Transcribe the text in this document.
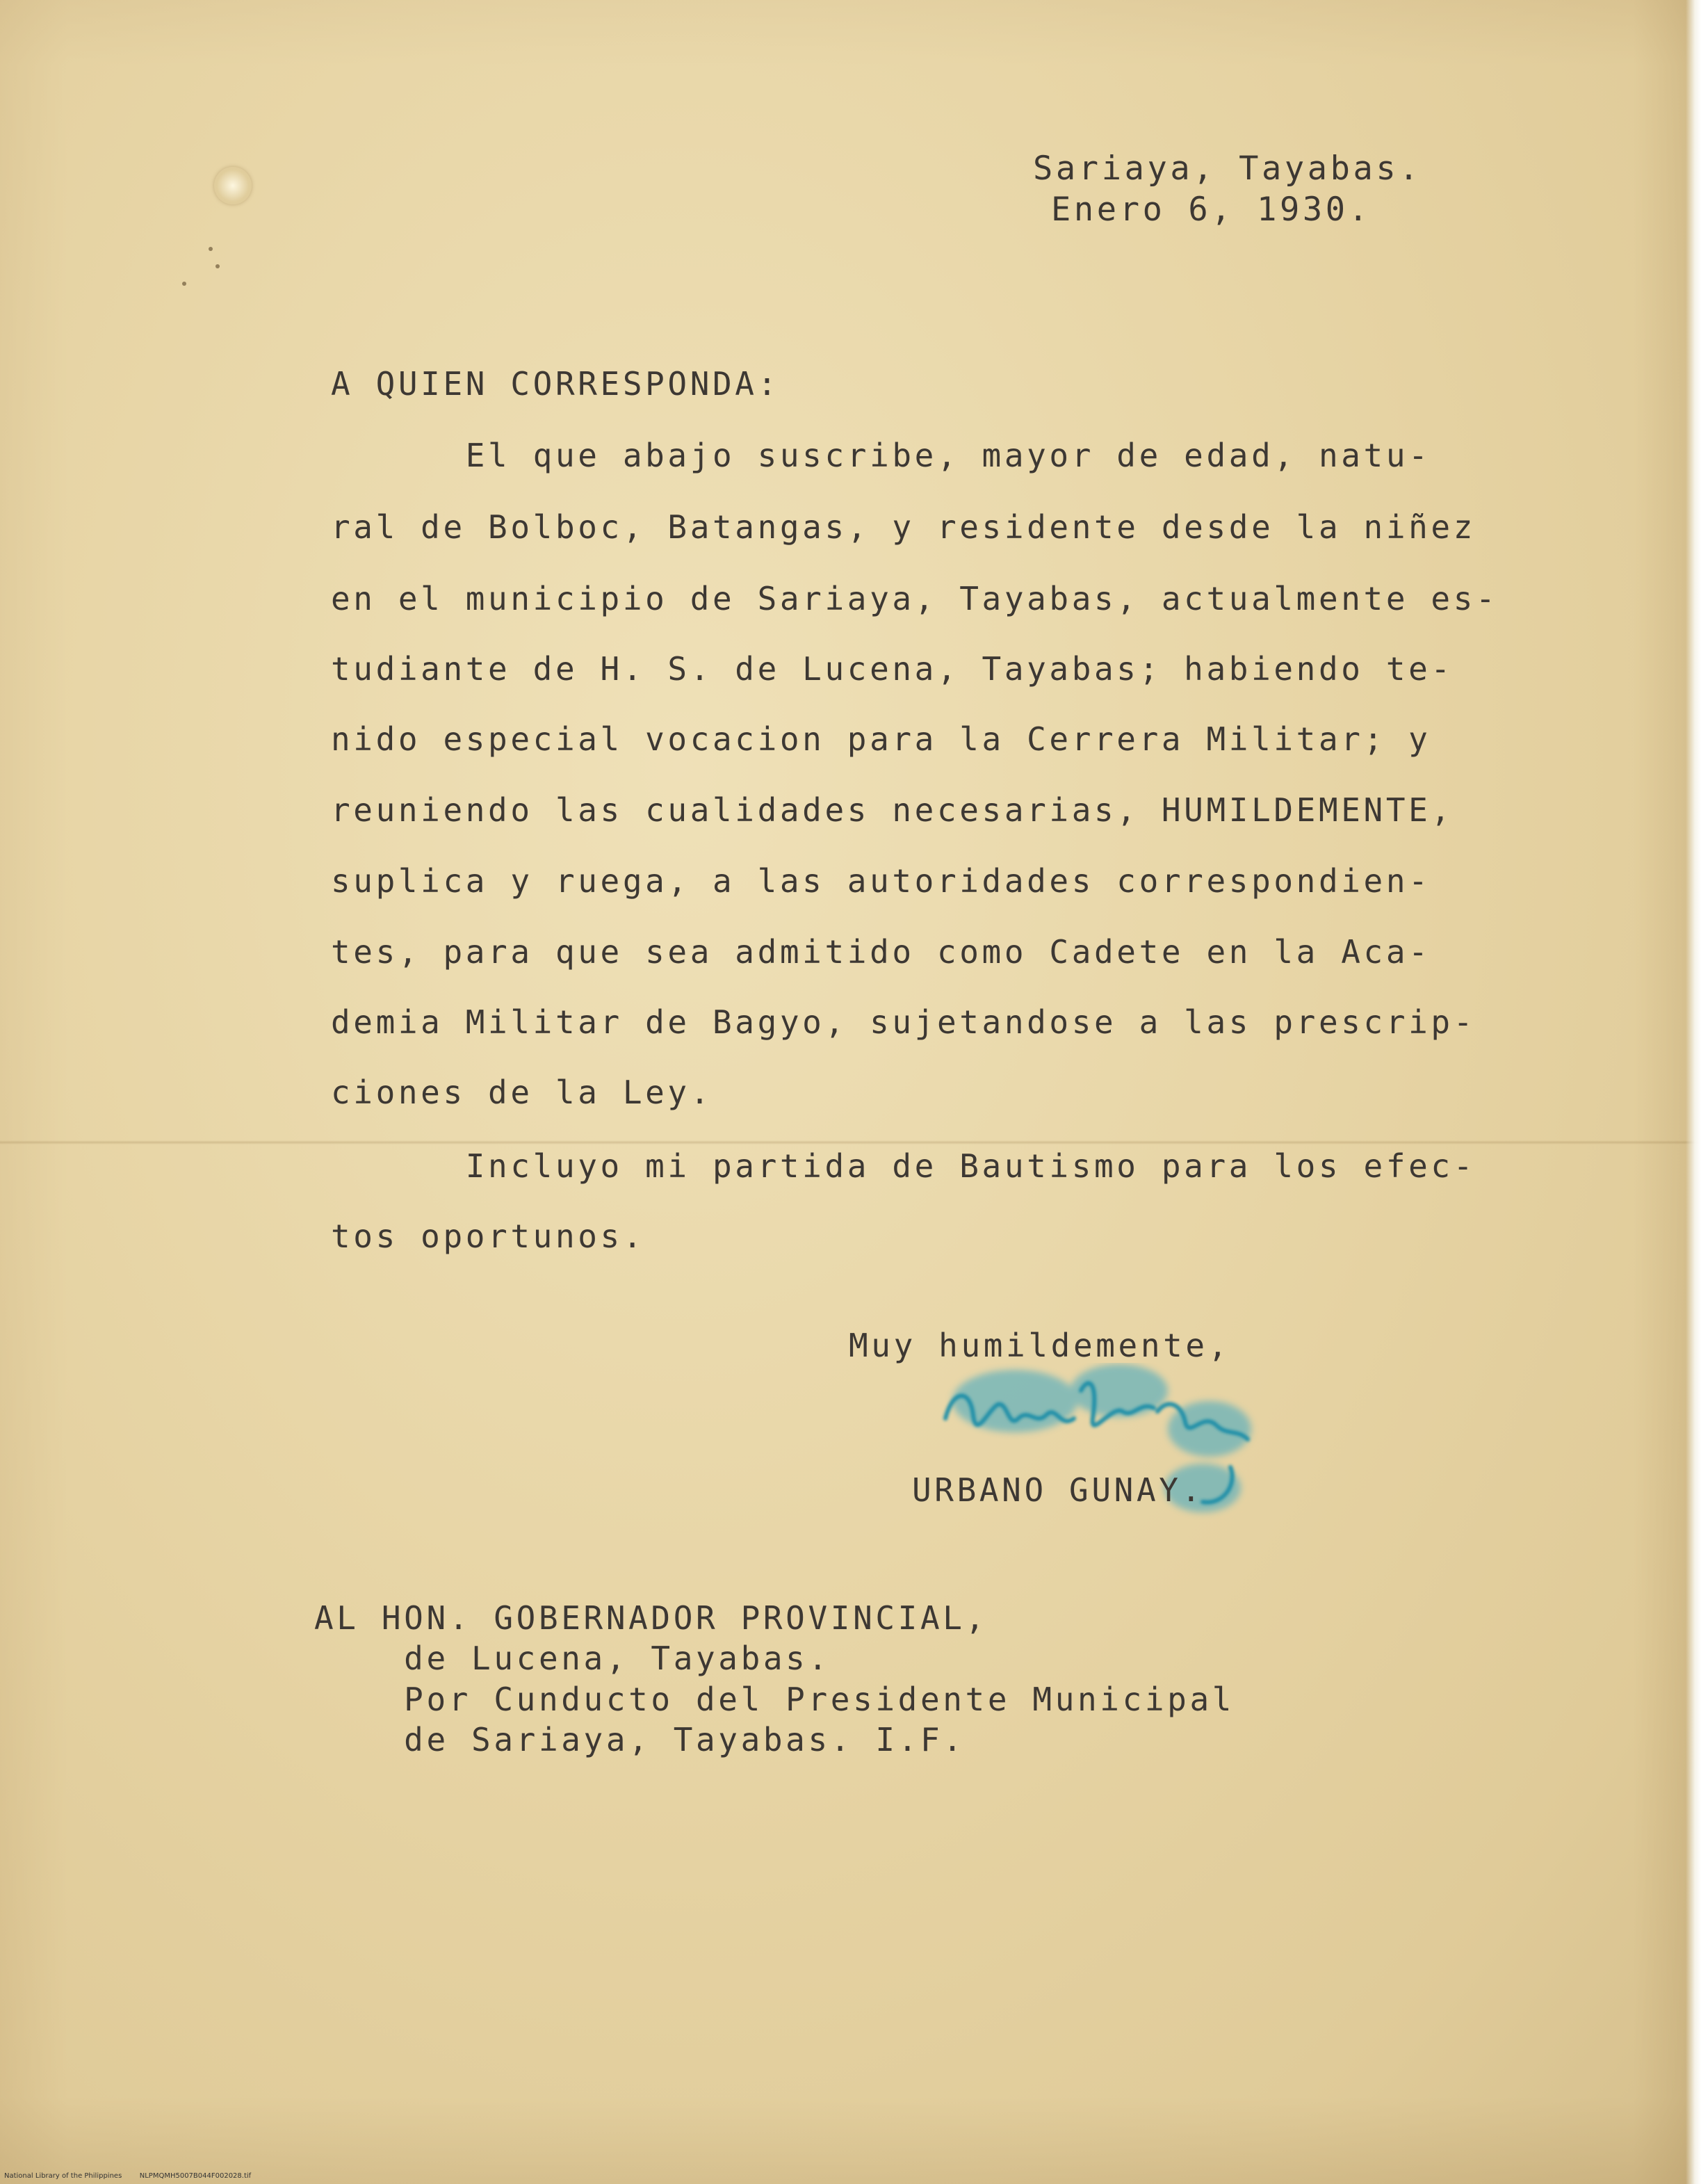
Sariaya, Tayabas.
Enero 6, 1930.
A QUIEN CORRESPONDA:
El que abajo suscribe, mayor de edad, natu-
ral de Bolboc, Batangas, y residente desde la niñez
en el municipio de Sariaya, Tayabas, actualmente es-
tudiante de H. S. de Lucena, Tayabas; habiendo te-
nido especial vocacion para la Cerrera Militar; y
reuniendo las cualidades necesarias, HUMILDEMENTE,
suplica y ruega, a las autoridades correspondien-
tes, para que sea admitido como Cadete en la Aca-
demia Militar de Bagyo, sujetandose a las prescrip-
ciones de la Ley.
Incluyo mi partida de Bautismo para los efec-
tos oportunos.
Muy humildemente,
URBANO GUNAY.
AL HON. GOBERNADOR PROVINCIAL,
de Lucena, Tayabas.
Por Cunducto del Presidente Municipal
de Sariaya, Tayabas. I.F.
National Library of the Philippines	NLPMQMH5007B044F002028.tif
